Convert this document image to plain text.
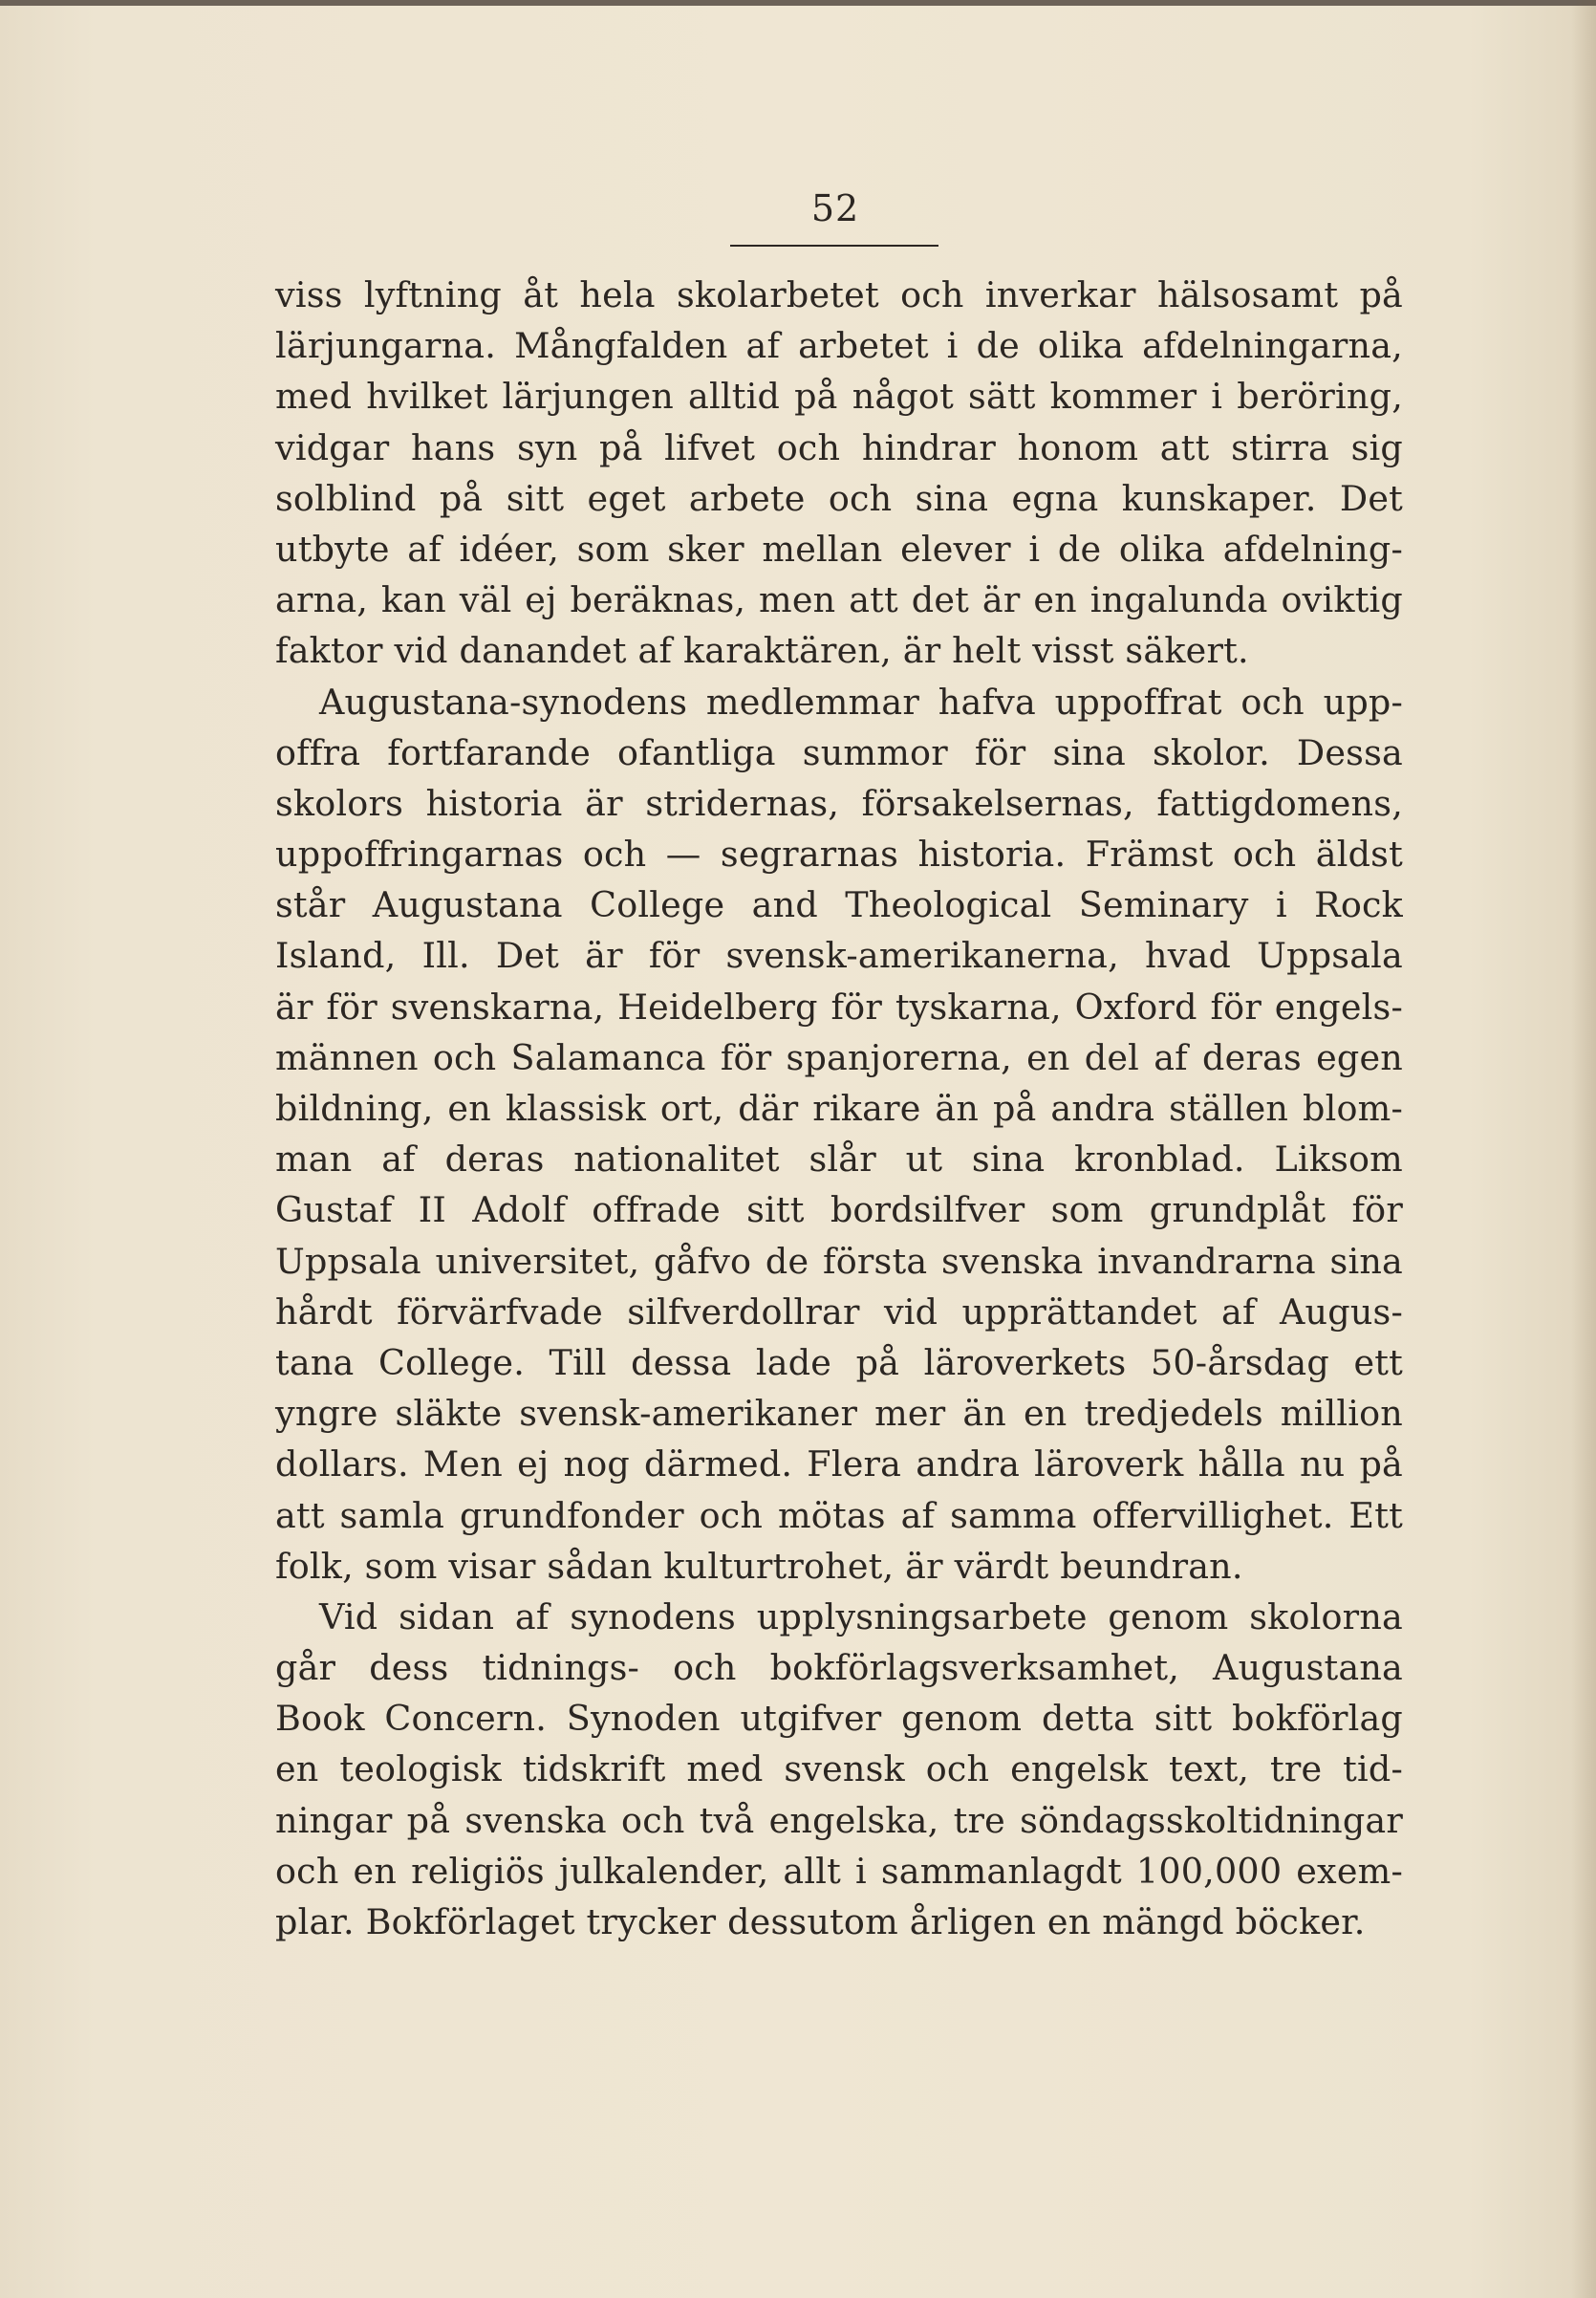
52
viss lyftning åt hela skolarbetet och inverkar hälsosamt på
lärjungarna. Mångfalden af arbetet i de olika afdelningarna,
med hvilket lärjungen alltid på något sätt kommer i beröring,
vidgar hans syn på lifvet och hindrar honom att stirra sig
solblind på sitt eget arbete och sina egna kunskaper. Det
utbyte af idéer, som sker mellan elever i de olika afdelning-
arna, kan väl ej beräknas, men att det är en ingalunda oviktig
faktor vid danandet af karaktären, är helt visst säkert.
Augustana-synodens medlemmar hafva uppoffrat och upp-
offra fortfarande ofantliga summor för sina skolor. Dessa
skolors historia är stridernas, försakelsernas, fattigdomens,
uppoffringarnas och — segrarnas historia. Främst och äldst
står Augustana College and Theological Seminary i Rock
Island, Ill. Det är för svensk-amerikanerna, hvad Uppsala
är för svenskarna, Heidelberg för tyskarna, Oxford för engels-
männen och Salamanca för spanjorerna, en del af deras egen
bildning, en klassisk ort, där rikare än på andra ställen blom-
man af deras nationalitet slår ut sina kronblad. Liksom
Gustaf II Adolf offrade sitt bordsilfver som grundplåt för
Uppsala universitet, gåfvo de första svenska invandrarna sina
hårdt förvärfvade silfverdollrar vid upprättandet af Augus-
tana College. Till dessa lade på läroverkets 50-årsdag ett
yngre släkte svensk-amerikaner mer än en tredjedels million
dollars. Men ej nog därmed. Flera andra läroverk hålla nu på
att samla grundfonder och mötas af samma offervillighet. Ett
folk, som visar sådan kulturtrohet, är värdt beundran.
Vid sidan af synodens upplysningsarbete genom skolorna
går dess tidnings- och bokförlagsverksamhet, Augustana
Book Concern. Synoden utgifver genom detta sitt bokförlag
en teologisk tidskrift med svensk och engelsk text, tre tid-
ningar på svenska och två engelska, tre söndagsskoltidningar
och en religiös julkalender, allt i sammanlagdt 100,000 exem-
plar. Bokförlaget trycker dessutom årligen en mängd böcker.
